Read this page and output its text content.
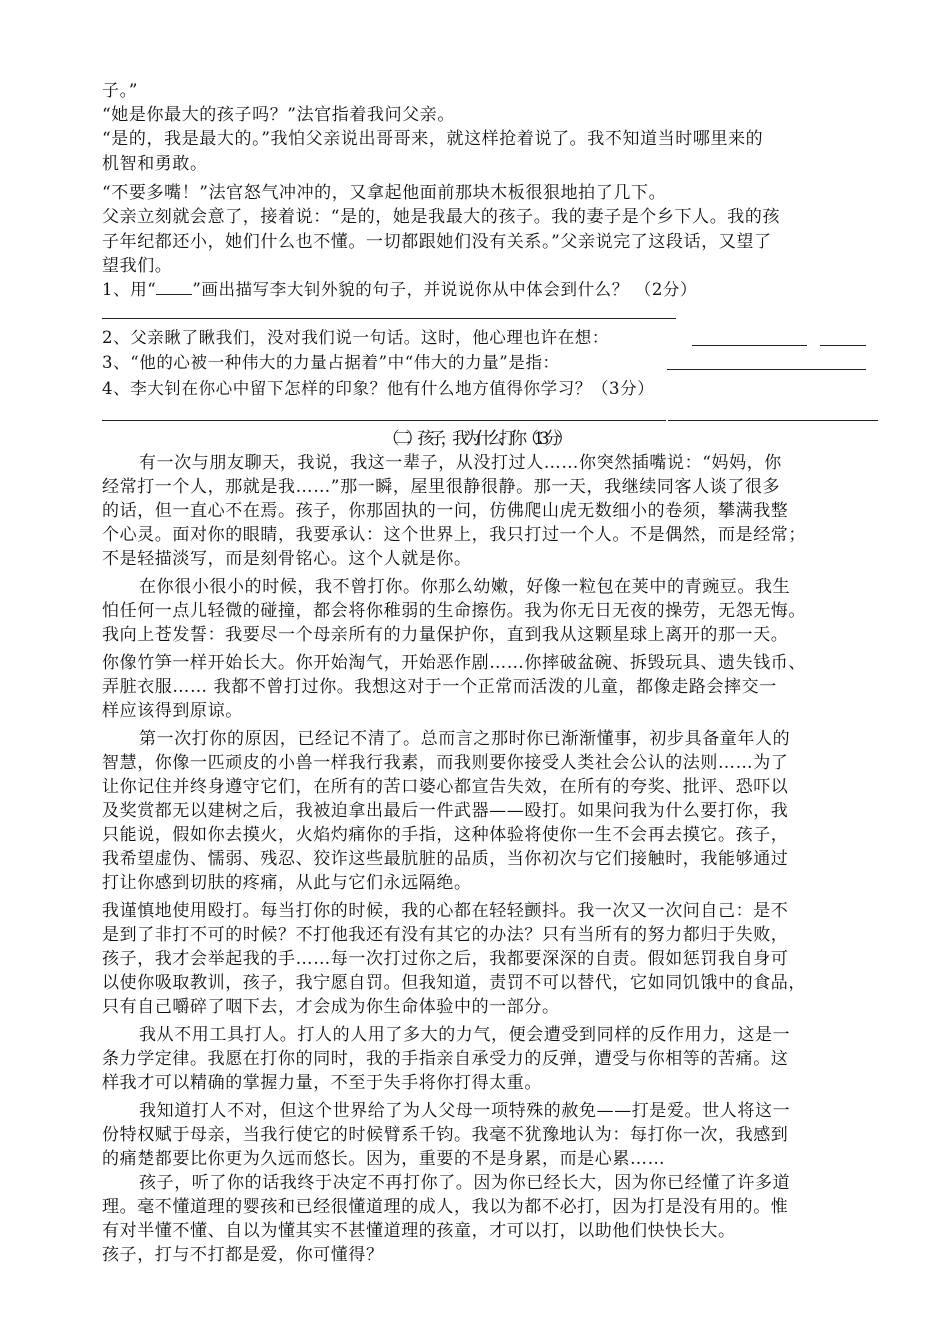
子。”
“她是你最大的孩子吗？”法官指着我问父亲。
“是的，我是最大的。”我怕父亲说出哥哥来，就这样抢着说了。我不知道当时哪里来的
机智和勇敢。
“不要多嘴！”法官怒气冲冲的，又拿起他面前那块木板很狠地拍了几下。
父亲立刻就会意了，接着说：“是的，她是我最大的孩子。我的妻子是个乡下人。我的孩
子年纪都还小，她们什么也不懂。一切都跟她们没有关系。”父亲说完了这段话，又望了
望我们。
1、用“ ”画出描写李大钊外貌的句子，并说说你从中体会到什么？ （2分）
2、父亲瞅了瞅我们，没对我们说一句话。这时，他心理也许在想：
3、“他的心被一种伟大的力量占据着”中“伟大的力量”是指：
4、李大钊在你心中留下怎样的印象？他有什么地方值得你学习？（3分）
（二）孩子，我为什么打你 （13分）
有一次与朋友聊天，我说，我这一辈子，从没打过人……你突然插嘴说：“妈妈，你
经常打一个人，那就是我……”那一瞬，屋里很静很静。那一天，我继续同客人谈了很多
的话，但一直心不在焉。孩子，你那固执的一问，仿佛爬山虎无数细小的卷须，攀满我整
个心灵。面对你的眼睛，我要承认：这个世界上，我只打过一个人。不是偶然，而是经常；
不是轻描淡写，而是刻骨铭心。这个人就是你。
在你很小很小的时候，我不曾打你。你那么幼嫩，好像一粒包在荚中的青豌豆。我生
怕任何一点儿轻微的碰撞，都会将你稚弱的生命擦伤。我为你无日无夜的操劳，无怨无悔。
我向上苍发誓：我要尽一个母亲所有的力量保护你，直到我从这颗星球上离开的那一天。
你像竹笋一样开始长大。你开始淘气，开始恶作剧……你摔破盆碗、拆毁玩具、遗失钱币、
弄脏衣服…… 我都不曾打过你。我想这对于一个正常而活泼的儿童，都像走路会摔交一
样应该得到原谅。
第一次打你的原因，已经记不清了。总而言之那时你已渐渐懂事，初步具备童年人的
智慧，你像一匹顽皮的小兽一样我行我素，而我则要你接受人类社会公认的法则……为了
让你记住并终身遵守它们，在所有的苦口婆心都宣告失效，在所有的夸奖、批评、恐吓以
及奖赏都无以建树之后，我被迫拿出最后一件武器——殴打。如果问我为什么要打你，我
只能说，假如你去摸火，火焰灼痛你的手指，这种体验将使你一生不会再去摸它。孩子，
我希望虚伪、懦弱、残忍、狡诈这些最肮脏的品质，当你初次与它们接触时，我能够通过
打让你感到切肤的疼痛，从此与它们永远隔绝。
我谨慎地使用殴打。每当打你的时候，我的心都在轻轻颤抖。我一次又一次问自己：是不
是到了非打不可的时候？不打他我还有没有其它的办法？只有当所有的努力都归于失败，
孩子，我才会举起我的手……每一次打过你之后，我都要深深的自责。假如惩罚我自身可
以使你吸取教训，孩子，我宁愿自罚。但我知道，责罚不可以替代，它如同饥饿中的食品，
只有自己嚼碎了咽下去，才会成为你生命体验中的一部分。
我从不用工具打人。打人的人用了多大的力气，便会遭受到同样的反作用力，这是一
条力学定律。我愿在打你的同时，我的手指亲自承受力的反弹，遭受与你相等的苦痛。这
样我才可以精确的掌握力量，不至于失手将你打得太重。
我知道打人不对，但这个世界给了为人父母一项特殊的赦免——打是爱。世人将这一
份特权赋于母亲，当我行使它的时候臂系千钧。我毫不犹豫地认为：每打你一次，我感到
的痛楚都要比你更为久远而悠长。因为，重要的不是身累，而是心累……
孩子，听了你的话我终于决定不再打你了。因为你已经长大，因为你已经懂了许多道
理。毫不懂道理的婴孩和已经很懂道理的成人，我以为都不必打，因为打是没有用的。惟
有对半懂不懂、自以为懂其实不甚懂道理的孩童，才可以打，以助他们快快长大。
孩子，打与不打都是爱，你可懂得？
